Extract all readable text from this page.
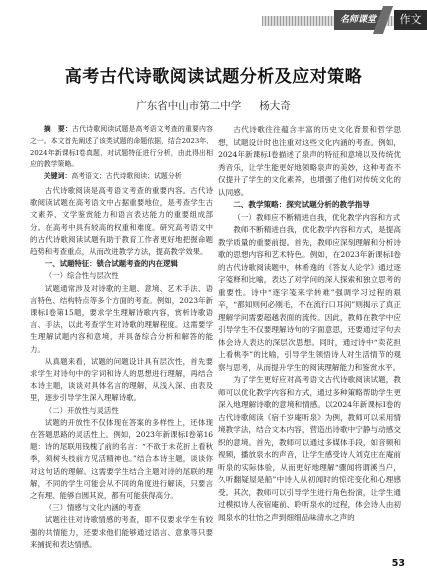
名师课堂	作文
高考古代诗歌阅读试题分析及应对策略
广东省中山市第二中学 杨大奇

摘　要：古代诗歌阅读试题是高考语文考查的重要内容之一。本文首先阐述了该类试题的命题依据，结合2023年、2024年新课标Ⅰ卷真题，对试题特征进行分析，由此得出相应的教学策略。

关键词：高考语文；古代诗歌阅读；试题分析

古代诗歌阅读是高考语文考查的重要内容。古代诗歌阅读试题在高考语文中占据重要地位，是考查学生古文素养、文学鉴赏能力和语言表达能力的重要组成部分。在高考中具有较高的权重和难度。研究高考语文中的古代诗歌阅读试题有助于教育工作者更好地把握命题趋势和考查重点，从而改进教学方法，提高教学效果。

一、试题特征：锁合试题考查的内在逻辑

（一）综合性与层次性

试题通常涉及对诗歌的主题、意境、艺术手法、语言特色、结构特点等多个方面的考查。例如，2023年新课标Ⅰ卷第15题，要求学生理解诗歌内容，赏析诗歌语言、手法，以此考查学生对诗歌的理解程度。这需要学生理解试题内容和意境，并具备综合分析和解答的能力。

从真题来看，试题的问题设计具有层次性，首先要求学生对诗句中的字词和诗人的思想进行理解，再结合本诗主题，谈谈对具体名言的理解，从浅入深、由表及里，逐步引导学生深入理解诗歌。

（二）开放性与灵活性

试题的开放性不仅体现在答案的多样性上，还体现在答题思路的灵活性上。例如，2023年新课标Ⅰ卷第16题：诗的尾联用钱槐了前的名言：“不欲于未花折上看秋季，须树头枝前方见活精神也。”结合本诗主题，谈谈你对这句话的理解。这需要学生结合主题对诗的尾联的理解，不同的学生可能会从不同的角度进行解读，只要言之有理、能够自圆其说，都有可能获得高分。

（三）情感与文化内涵的考查

试题往往对诗歌情感的考查，即不仅要求学生有较强的共情能力，还要求他们能够通过语言、意象等只要来捕捉和表达情感。

古代诗歌往往蕴含丰富的历史文化背景和哲学思想，试题设计时也注重对这些文化内涵的考查。例如，2024年新课标Ⅰ卷描述了泉声的特征和意境以及传统优秀音乐，让学生能更好地领略泉声的美妙，这种考查不仅提升了学生的文化素养，也增强了他们对传统文化的认同感。

二、教学策略：探究试题分析的教学指导

（一）教师应不断精进自我，优化教学内容和方式

教师不断精进自我，优化教学内容和方式，是提高教学质量的重要前提。首先，教师应深刻理解和分析诗歌的思想内容和艺术特色。例如，在2023年新课标Ⅰ卷的古代诗歌阅读题中，林希逸的《答友人论学》通过逐字笺释和比喻，表达了对学问的深人探索和独立思考的重要性。诗中“逐字笺来学转难”强调学习过程的艰辛，“都知则何必刚毛，不在流行口耳间”则揭示了真正理解学问需要超越表面的流传。因此，教师在教学中应引导学生不仅要理解诗句的字面意思，还要通过字句去体会诗人表达的深层次思想。同时，通过诗中“卖花担上看桃李”的比喻，引导学生领悟诗人对生活情节的观察与思考，从而提升学生的阅读理解能力和鉴赏水平。

为了学生更好应对高考语文古代诗歌阅读试题，教师可以优化教学内容和方式，通过多种策略帮助学生更深入地理解诗歌的意境和情感。以2024年新课标Ⅰ卷的古代诗歌阅读《宿千岁庵听泉》为例，教师可以采用情境教学法，结合文本内容，营造出诗歌中宁静与动感交织的意境。首先，教师可以通过多媒体手段，如音频和视频，播放泉水的声音，让学生感受诗人刘克庄在庵前听泉的实际体验，从而更好地理解“骤闻将谓溪当户，久听翻疑屋是船”中诗人从初闻时的惊诧变化和心理感受。其次，教师可以引导学生进行角色扮演，让学生通过模拟诗人夜宿庵前、聆听泉水的过程，体会诗人由初闻泉水的壮怡之声到细细品味清水之声的

53
